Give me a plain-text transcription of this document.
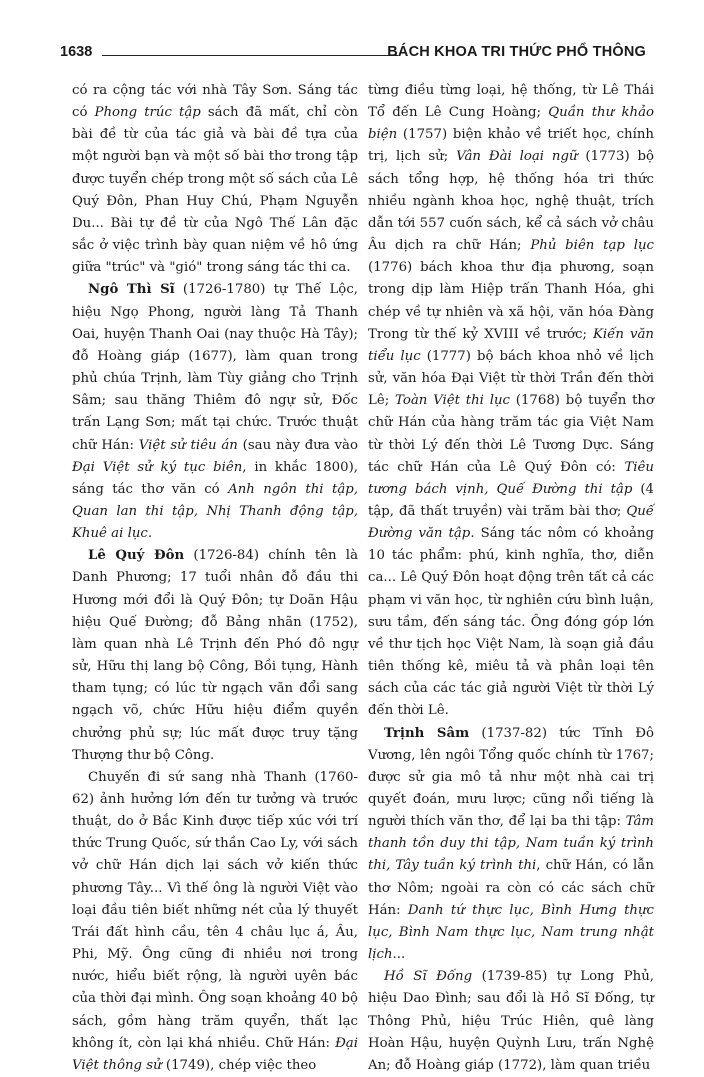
1638	BÁCH KHOA TRI THỨC PHỔ THÔNG

có ra cộng tác với nhà Tây Sơn. Sáng tác có Phong trúc tập sách đã mất, chỉ còn bài đề từ của tác giả và bài đề tựa của một người bạn và một số bài thơ trong tập được tuyển chép trong một số sách của Lê Quý Đôn, Phan Huy Chú, Phạm Nguyễn Du... Bài tự đề từ của Ngô Thế Lân đặc sắc ở việc trình bày quan niệm về hô ứng giữa "trúc" và "gió" trong sáng tác thi ca.

Ngô Thì Sĩ (1726-1780) tự Thế Lộc, hiệu Ngọ Phong, người làng Tả Thanh Oai, huyện Thanh Oai (nay thuộc Hà Tây); đỗ Hoàng giáp (1677), làm quan trong phủ chúa Trịnh, làm Tùy giảng cho Trịnh Sâm; sau thăng Thiêm đô ngự sử, Đốc trấn Lạng Sơn; mất tại chức. Trước thuật chữ Hán: Việt sử tiêu án (sau này đưa vào Đại Việt sử ký tục biên, in khắc 1800), sáng tác thơ văn có Anh ngôn thi tập, Quan lan thi tập, Nhị Thanh động tập, Khuê ai lục.

Lê Quý Đôn (1726-84) chính tên là Danh Phương; 17 tuổi nhân đỗ đầu thi Hương mới đổi là Quý Đôn; tự Doãn Hậu hiệu Quế Đường; đỗ Bảng nhãn (1752), làm quan nhà Lê Trịnh đến Phó đô ngự sử, Hữu thị lang bộ Công, Bồi tụng, Hành tham tụng; có lúc từ ngạch văn đổi sang ngạch võ, chức Hữu hiệu điểm quyền chưởng phủ sự; lúc mất được truy tặng Thượng thư bộ Công.

Chuyến đi sứ sang nhà Thanh (1760-62) ảnh hưởng lớn đến tư tưởng và trước thuật, do ở Bắc Kinh được tiếp xúc với trí thức Trung Quốc, sứ thần Cao Ly, với sách vở chữ Hán dịch lại sách vở kiến thức phương Tây... Vì thế ông là người Việt vào loại đầu tiên biết những nét của lý thuyết Trái đất hình cầu, tên 4 châu lục á, Âu, Phi, Mỹ. Ông cũng đi nhiều nơi trong nước, hiểu biết rộng, là người uyên bác của thời đại mình. Ông soạn khoảng 40 bộ sách, gồm hàng trăm quyển, thất lạc không ít, còn lại khá nhiều. Chữ Hán: Đại Việt thông sử (1749), chép việc theo

từng điều từng loại, hệ thống, từ Lê Thái Tổ đến Lê Cung Hoàng; Quần thư khảo biện (1757) biện khảo về triết học, chính trị, lịch sử; Vân Đài loại ngữ (1773) bộ sách tổng hợp, hệ thống hóa tri thức nhiều ngành khoa học, nghệ thuật, trích dẫn tới 557 cuốn sách, kể cả sách vở châu Âu dịch ra chữ Hán; Phủ biên tạp lục (1776) bách khoa thư địa phương, soạn trong dịp làm Hiệp trấn Thanh Hóa, ghi chép về tự nhiên và xã hội, văn hóa Đàng Trong từ thế kỷ XVIII về trước; Kiến văn tiểu lục (1777) bộ bách khoa nhỏ về lịch sử, văn hóa Đại Việt từ thời Trần đến thời Lê; Toàn Việt thi lục (1768) bộ tuyển thơ chữ Hán của hàng trăm tác gia Việt Nam từ thời Lý đến thời Lê Tương Dực. Sáng tác chữ Hán của Lê Quý Đôn có: Tiêu tương bách vịnh, Quế Đường thi tập (4 tập, đã thất truyền) vài trăm bài thơ; Quế Đường văn tập. Sáng tác nôm có khoảng 10 tác phẩm: phú, kinh nghĩa, thơ, diễn ca... Lê Quý Đôn hoạt động trên tất cả các phạm vi văn học, từ nghiên cứu bình luận, sưu tầm, đến sáng tác. Ông đóng góp lớn về thư tịch học Việt Nam, là soạn giả đầu tiên thống kê, miêu tả và phân loại tên sách của các tác giả người Việt từ thời Lý đến thời Lê.

Trịnh Sâm (1737-82) tức Tĩnh Đô Vương, lên ngôi Tổng quốc chính từ 1767; được sử gia mô tả như một nhà cai trị quyết đoán, mưu lược; cũng nổi tiếng là người thích văn thơ, để lại ba thi tập: Tâm thanh tồn duy thi tập, Nam tuần ký trình thi, Tây tuần ký trình thi, chữ Hán, có lẫn thơ Nôm; ngoài ra còn có các sách chữ Hán: Danh tứ thực lục, Bình Hưng thực lục, Bình Nam thực lục, Nam trung nhật lịch...

Hồ Sĩ Đống (1739-85) tự Long Phủ, hiệu Dao Đình; sau đổi là Hồ Sĩ Đống, tự Thông Phủ, hiệu Trúc Hiên, quê làng Hoàn Hậu, huyện Quỳnh Lưu, trấn Nghệ An; đỗ Hoàng giáp (1772), làm quan triều
